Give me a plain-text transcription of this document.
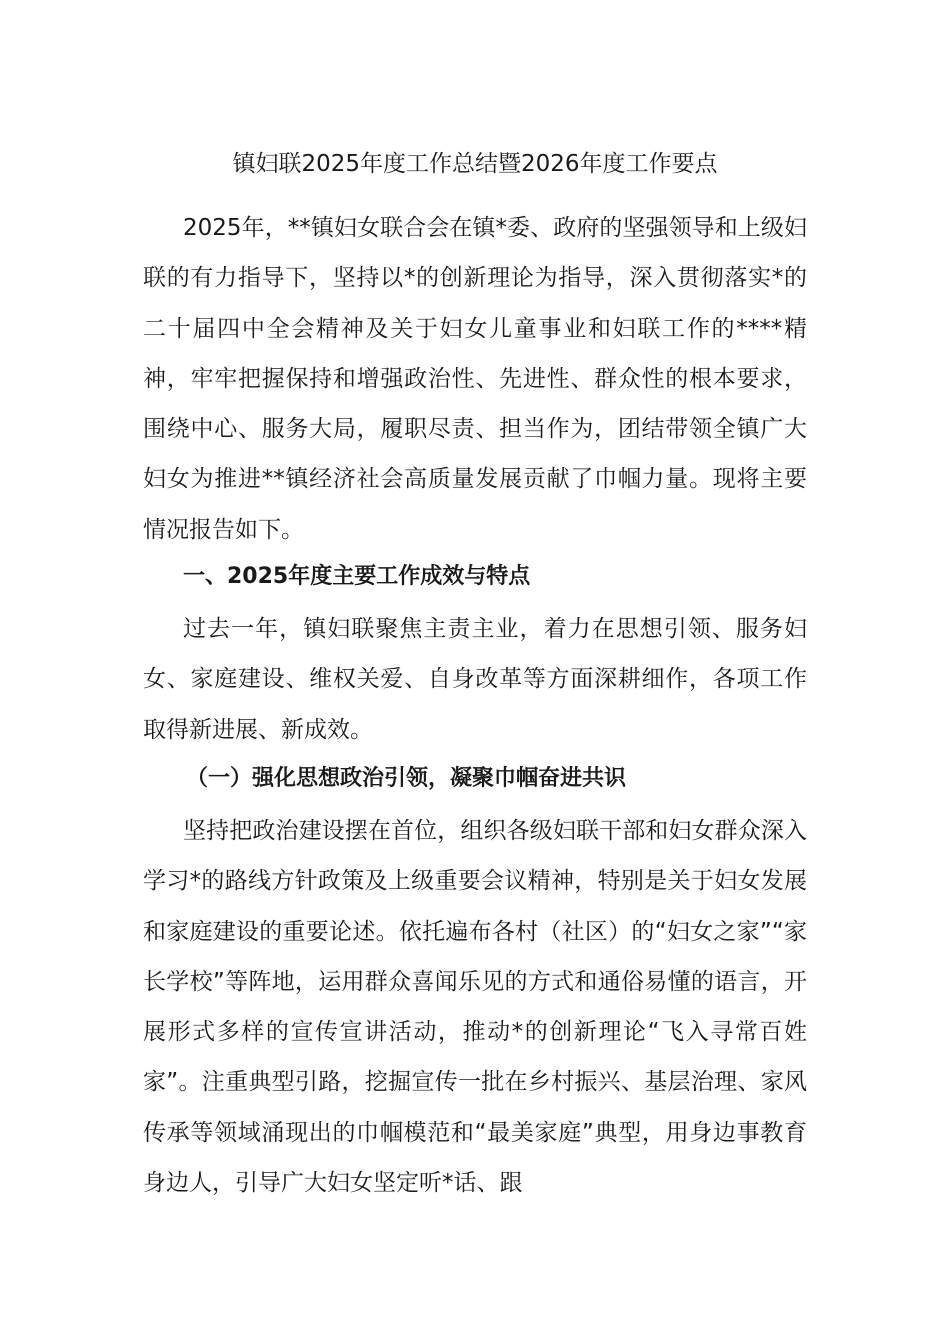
镇妇联2025年度工作总结暨2026年度工作要点

2025年，**镇妇女联合会在镇*委、政府的坚强领导和上级妇联的有力指导下，坚持以*的创新理论为指导，深入贯彻落实*的二十届四中全会精神及关于妇女儿童事业和妇联工作的****精神，牢牢把握保持和增强政治性、先进性、群众性的根本要求，围绕中心、服务大局，履职尽责、担当作为，团结带领全镇广大妇女为推进**镇经济社会高质量发展贡献了巾帼力量。现将主要情况报告如下。

一、2025年度主要工作成效与特点

过去一年，镇妇联聚焦主责主业，着力在思想引领、服务妇女、家庭建设、维权关爱、自身改革等方面深耕细作，各项工作取得新进展、新成效。

（一）强化思想政治引领，凝聚巾帼奋进共识

坚持把政治建设摆在首位，组织各级妇联干部和妇女群众深入学习*的路线方针政策及上级重要会议精神，特别是关于妇女发展和家庭建设的重要论述。依托遍布各村（社区）的“妇女之家”“家长学校”等阵地，运用群众喜闻乐见的方式和通俗易懂的语言，开展形式多样的宣传宣讲活动，推动*的创新理论“飞入寻常百姓家”。注重典型引路，挖掘宣传一批在乡村振兴、基层治理、家风传承等领域涌现出的巾帼模范和“最美家庭”典型，用身边事教育身边人，引导广大妇女坚定听*话、跟
